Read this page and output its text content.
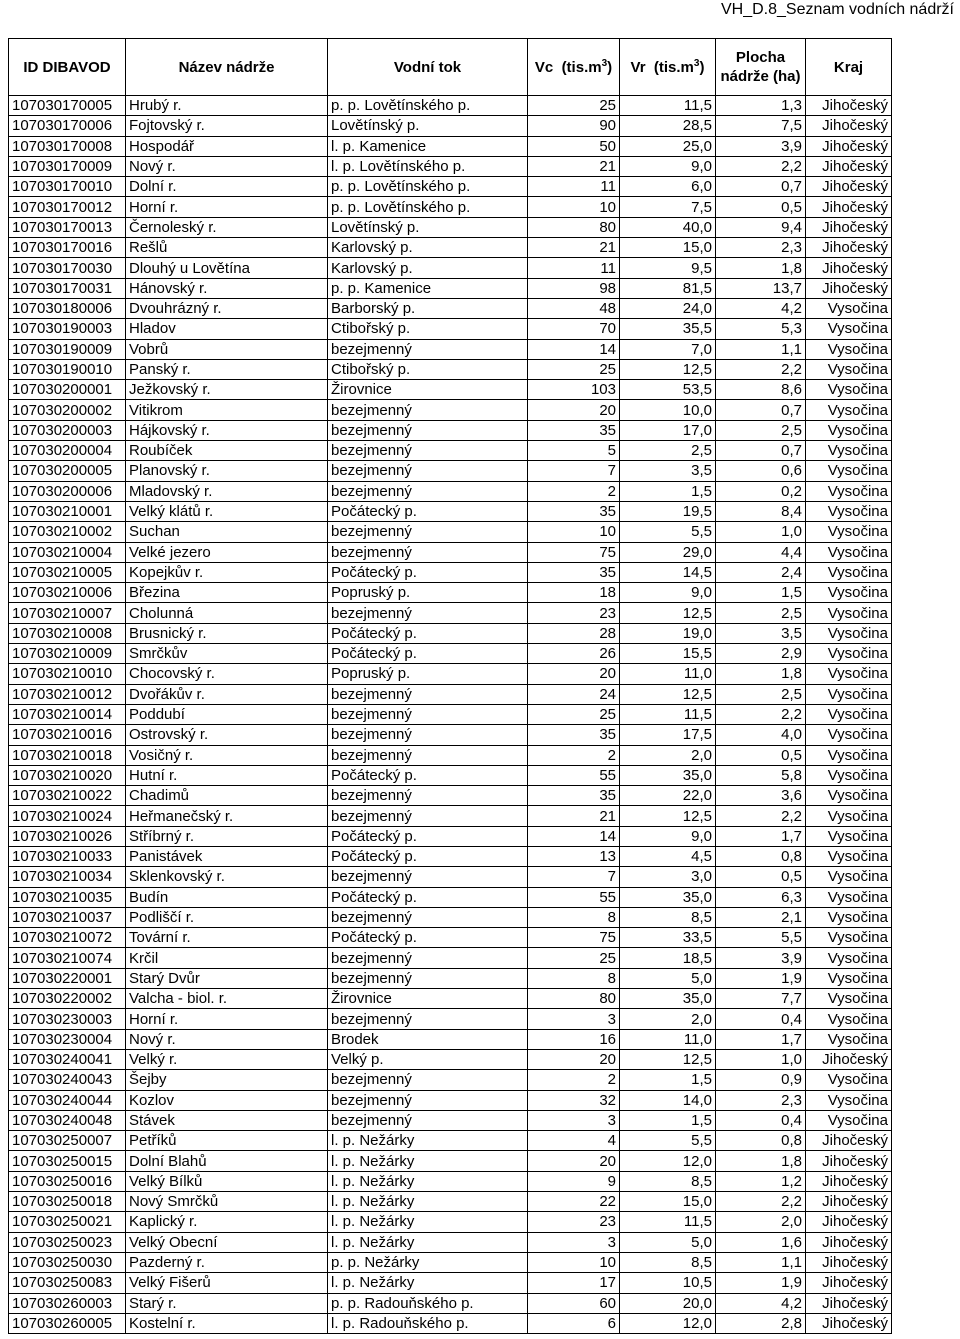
VH_D.8_Seznam vodních nádrží
ID DIBAVOD	Název nádrže	Vodní tok	Vc $(tis.m^3)$	Vr $(tis.m^3)$	Plocha nádrže (ha)	Kraj
107030170005	Hrubý r.	p. p. Lovětínského p.	25	11,5	1,3	Jihočeský
107030170006	Fojtovský r.	Lovětínský p.	90	28,5	7,5	Jihočeský
107030170008	Hospodář	l. p. Kamenice	50	25,0	3,9	Jihočeský
107030170009	Nový r.	l. p. Lovětínského p.	21	9,0	2,2	Jihočeský
107030170010	Dolní r.	p. p. Lovětínského p.	11	6,0	0,7	Jihočeský
107030170012	Horní r.	p. p. Lovětínského p.	10	7,5	0,5	Jihočeský
107030170013	Černoleský r.	Lovětínský p.	80	40,0	9,4	Jihočeský
107030170016	Rešlů	Karlovský p.	21	15,0	2,3	Jihočeský
107030170030	Dlouhý u Lovětína	Karlovský p.	11	9,5	1,8	Jihočeský
107030170031	Hánovský r.	p. p. Kamenice	98	81,5	13,7	Jihočeský
107030180006	Dvouhrázný r.	Barborský p.	48	24,0	4,2	Vysočina
107030190003	Hladov	Ctibořský p.	70	35,5	5,3	Vysočina
107030190009	Vobrů	bezejmenný	14	7,0	1,1	Vysočina
107030190010	Panský r.	Ctibořský p.	25	12,5	2,2	Vysočina
107030200001	Ježkovský r.	Žirovnice	103	53,5	8,6	Vysočina
107030200002	Vitikrom	bezejmenný	20	10,0	0,7	Vysočina
107030200003	Hájkovský r.	bezejmenný	35	17,0	2,5	Vysočina
107030200004	Roubíček	bezejmenný	5	2,5	0,7	Vysočina
107030200005	Planovský r.	bezejmenný	7	3,5	0,6	Vysočina
107030200006	Mladovský r.	bezejmenný	2	1,5	0,2	Vysočina
107030210001	Velký klátů r.	Počátecký p.	35	19,5	8,4	Vysočina
107030210002	Suchan	bezejmenný	10	5,5	1,0	Vysočina
107030210004	Velké jezero	bezejmenný	75	29,0	4,4	Vysočina
107030210005	Kopejkův r.	Počátecký p.	35	14,5	2,4	Vysočina
107030210006	Březina	Popruský p.	18	9,0	1,5	Vysočina
107030210007	Cholunná	bezejmenný	23	12,5	2,5	Vysočina
107030210008	Brusnický r.	Počátecký p.	28	19,0	3,5	Vysočina
107030210009	Smrčkův	Počátecký p.	26	15,5	2,9	Vysočina
107030210010	Chocovský r.	Popruský p.	20	11,0	1,8	Vysočina
107030210012	Dvořákův r.	bezejmenný	24	12,5	2,5	Vysočina
107030210014	Poddubí	bezejmenný	25	11,5	2,2	Vysočina
107030210016	Ostrovský r.	bezejmenný	35	17,5	4,0	Vysočina
107030210018	Vosičný r.	bezejmenný	2	2,0	0,5	Vysočina
107030210020	Hutní r.	Počátecký p.	55	35,0	5,8	Vysočina
107030210022	Chadimů	bezejmenný	35	22,0	3,6	Vysočina
107030210024	Heřmanečský r.	bezejmenný	21	12,5	2,2	Vysočina
107030210026	Stříbrný r.	Počátecký p.	14	9,0	1,7	Vysočina
107030210033	Panistávek	Počátecký p.	13	4,5	0,8	Vysočina
107030210034	Sklenkovský r.	bezejmenný	7	3,0	0,5	Vysočina
107030210035	Budín	Počátecký p.	55	35,0	6,3	Vysočina
107030210037	Podliščí r.	bezejmenný	8	8,5	2,1	Vysočina
107030210072	Tovární r.	Počátecký p.	75	33,5	5,5	Vysočina
107030210074	Krčil	bezejmenný	25	18,5	3,9	Vysočina
107030220001	Starý Dvůr	bezejmenný	8	5,0	1,9	Vysočina
107030220002	Valcha - biol. r.	Žirovnice	80	35,0	7,7	Vysočina
107030230003	Horní r.	bezejmenný	3	2,0	0,4	Vysočina
107030230004	Nový r.	Brodek	16	11,0	1,7	Vysočina
107030240041	Velký r.	Velký p.	20	12,5	1,0	Jihočeský
107030240043	Šejby	bezejmenný	2	1,5	0,9	Vysočina
107030240044	Kozlov	bezejmenný	32	14,0	2,3	Vysočina
107030240048	Stávek	bezejmenný	3	1,5	0,4	Vysočina
107030250007	Petříků	l. p. Nežárky	4	5,5	0,8	Jihočeský
107030250015	Dolní Blahů	l. p. Nežárky	20	12,0	1,8	Jihočeský
107030250016	Velký Bílků	l. p. Nežárky	9	8,5	1,2	Jihočeský
107030250018	Nový Smrčků	l. p. Nežárky	22	15,0	2,2	Jihočeský
107030250021	Kaplický r.	l. p. Nežárky	23	11,5	2,0	Jihočeský
107030250023	Velký Obecní	l. p. Nežárky	3	5,0	1,6	Jihočeský
107030250030	Pazderný r.	p. p. Nežárky	10	8,5	1,1	Jihočeský
107030250083	Velký Fišerů	l. p. Nežárky	17	10,5	1,9	Jihočeský
107030260003	Starý r.	p. p. Radouňského p.	60	20,0	4,2	Jihočeský
107030260005	Kostelní r.	l. p. Radouňského p.	6	12,0	2,8	Jihočeský
